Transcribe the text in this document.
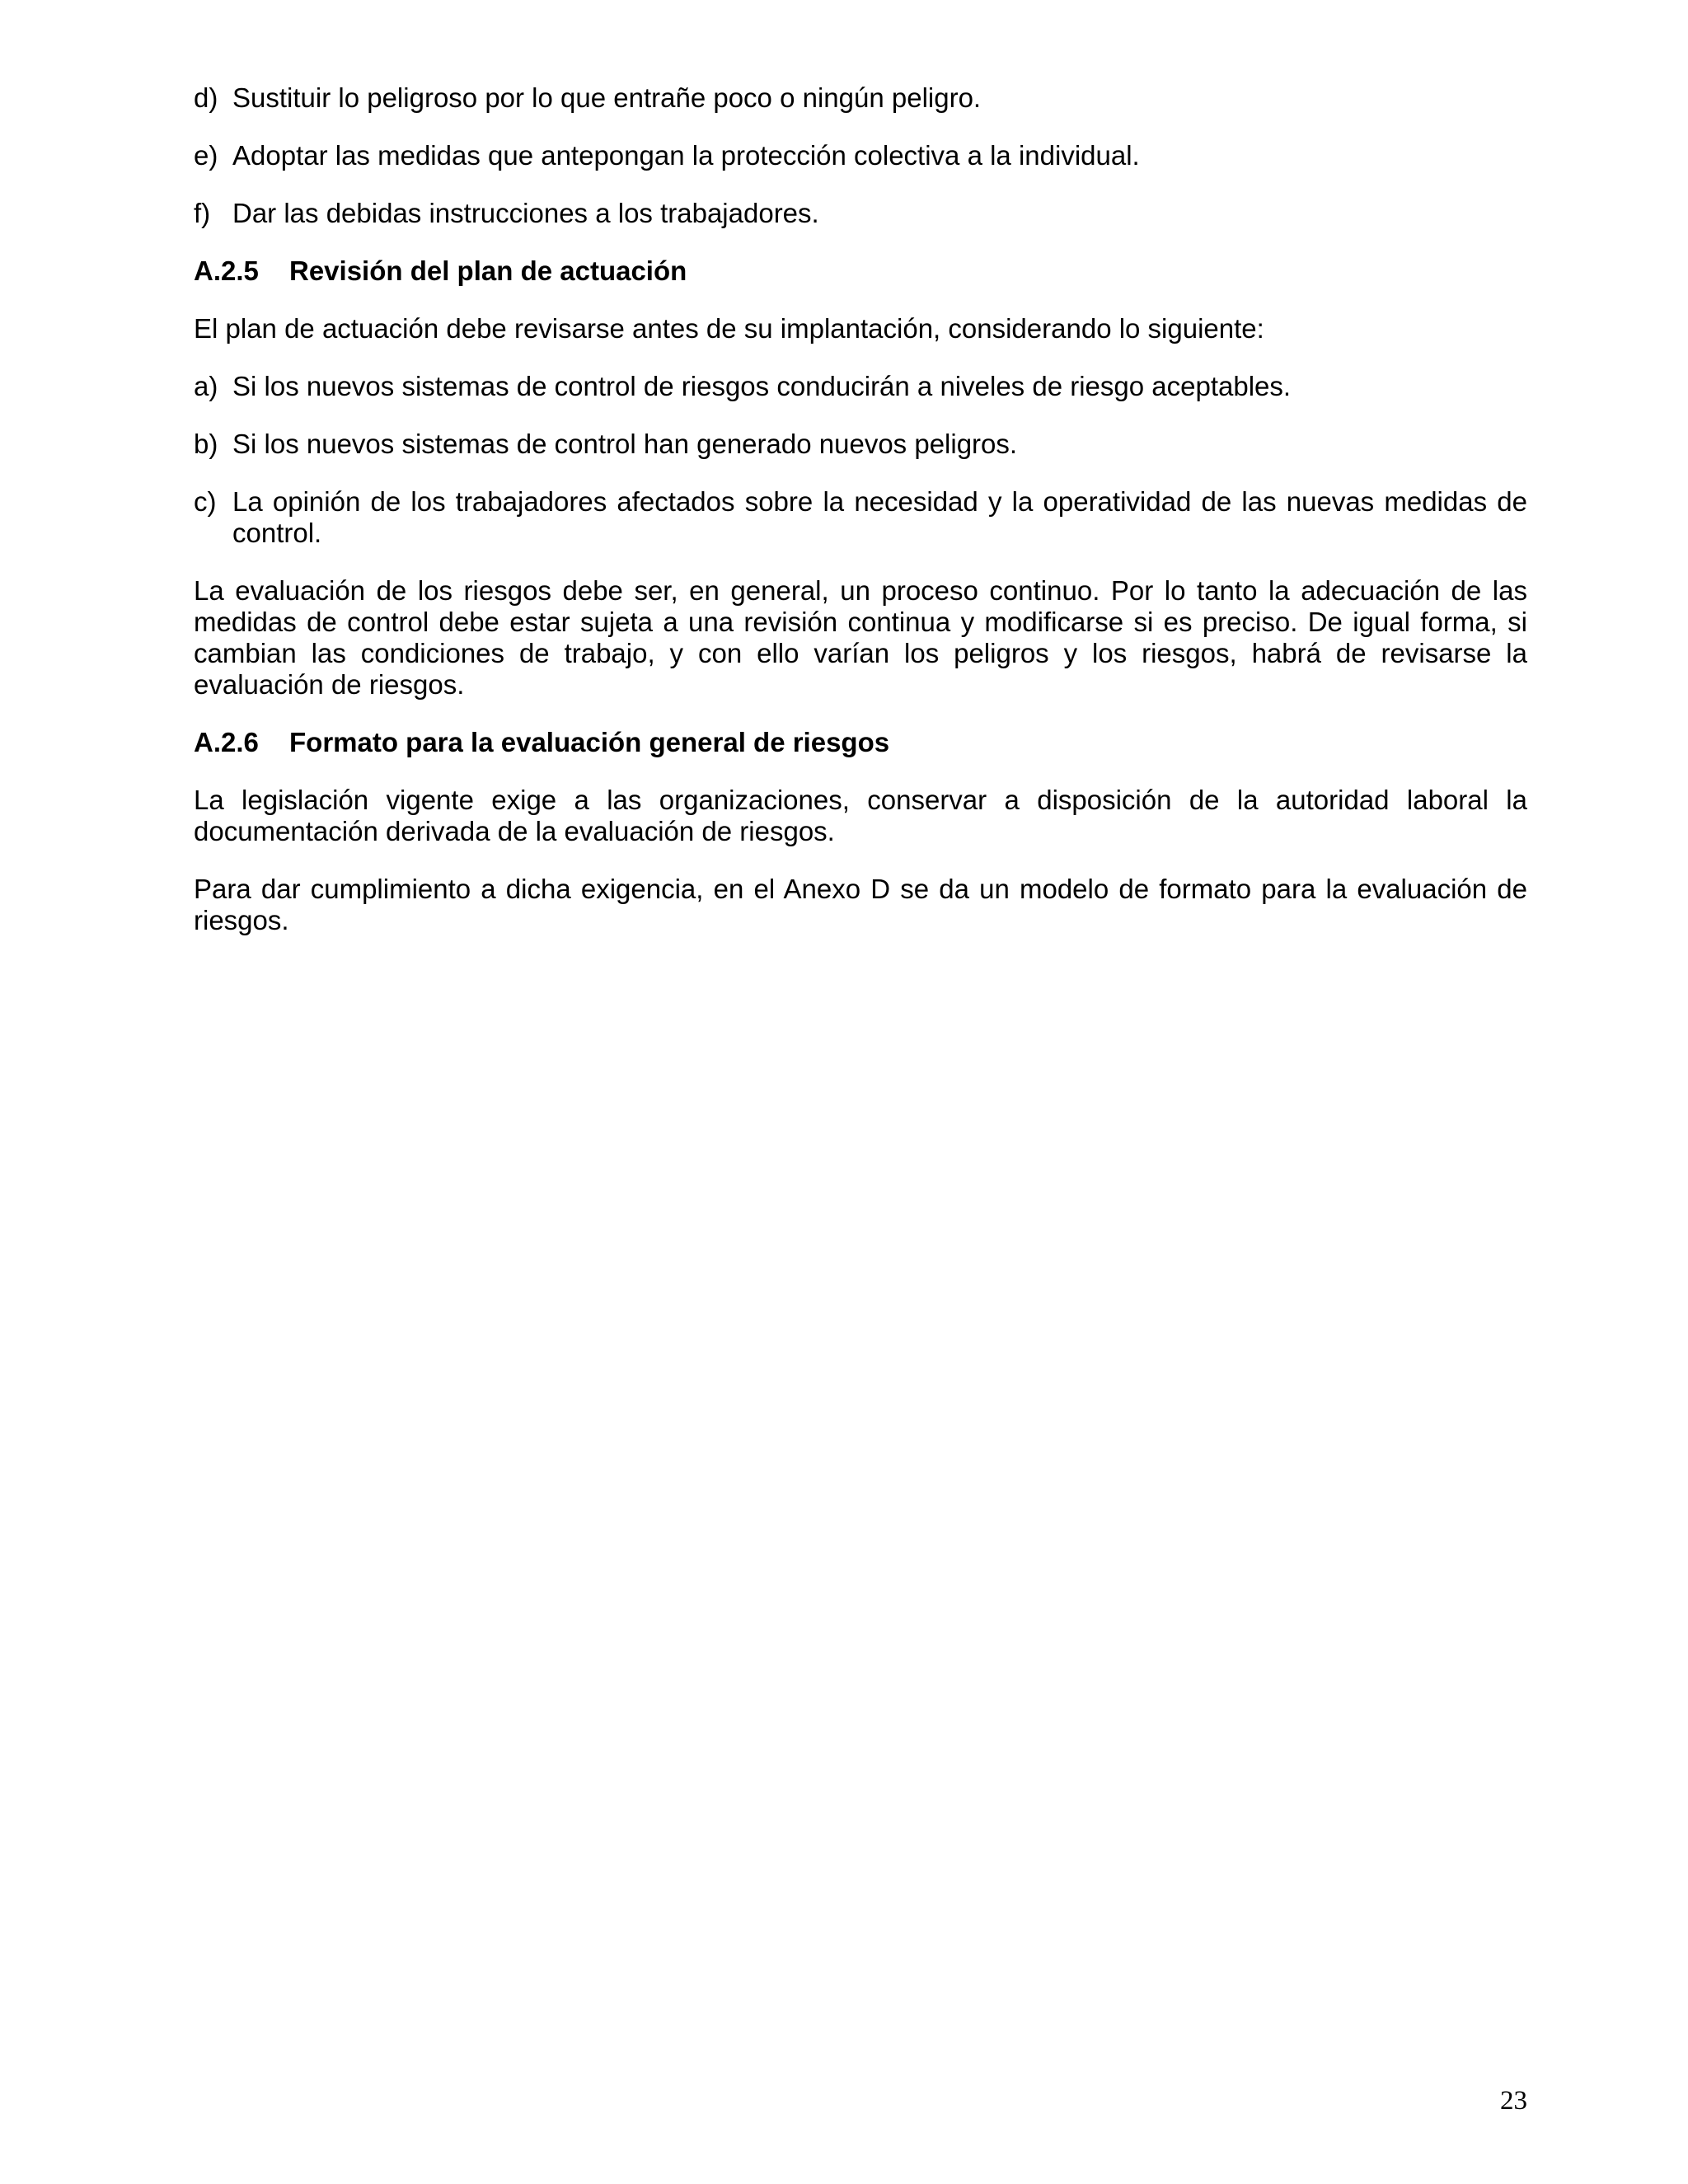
d) Sustituir lo peligroso por lo que entrañe poco o ningún peligro.
e) Adoptar las medidas que antepongan la protección colectiva a la individual.
f) Dar las debidas instrucciones a los trabajadores.
A.2.5	Revisión del plan de actuación

El plan de actuación debe revisarse antes de su implantación, considerando lo siguiente:

a) Si los nuevos sistemas de control de riesgos conducirán a niveles de riesgo aceptables.
b) Si los nuevos sistemas de control han generado nuevos peligros.
c) La opinión de los trabajadores afectados sobre la necesidad y la operatividad de las nuevas medidas de control.

La evaluación de los riesgos debe ser, en general, un proceso continuo. Por lo tanto la adecuación de las medidas de control debe estar sujeta a una revisión continua y modificarse si es preciso. De igual forma, si cambian las condiciones de trabajo, y con ello varían los peligros y los riesgos, habrá de revisarse la evaluación de riesgos.

A.2.6	Formato para la evaluación general de riesgos

La legislación vigente exige a las organizaciones, conservar a disposición de la autoridad laboral la documentación derivada de la evaluación de riesgos.

Para dar cumplimiento a dicha exigencia, en el Anexo D se da un modelo de formato para la evaluación de riesgos.

23
